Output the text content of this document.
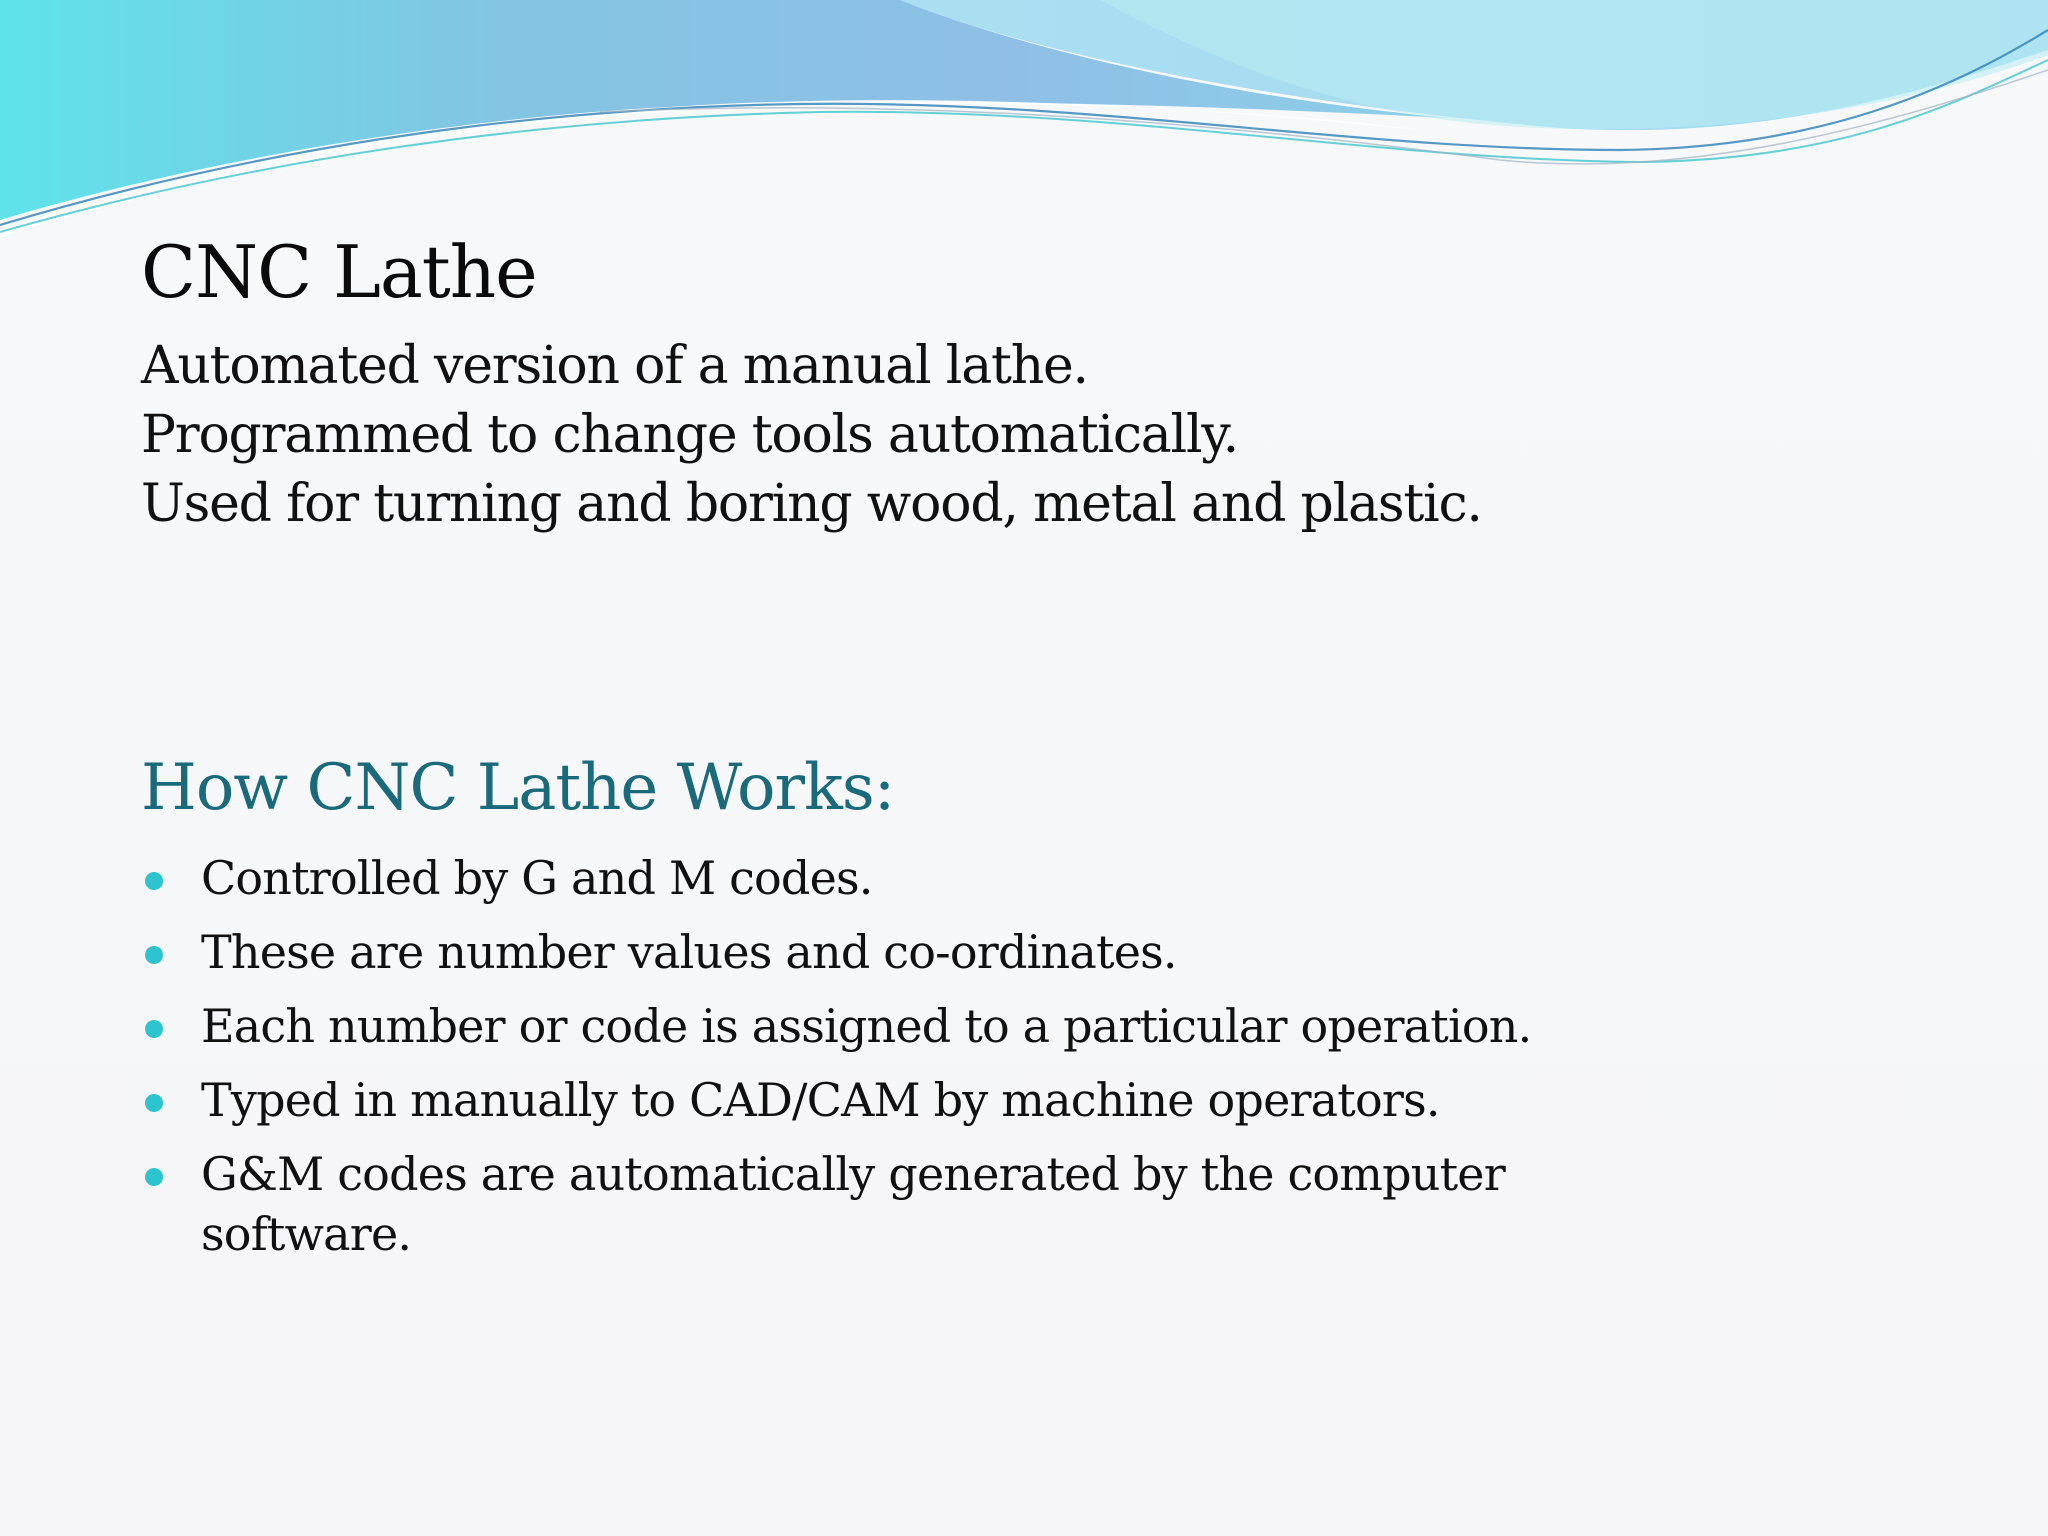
CNC Lathe
Automated version of a manual lathe.
Programmed to change tools automatically.
Used for turning and boring wood, metal and plastic.
How CNC Lathe Works:
Controlled by G and M codes.
These are number values and co-ordinates.
Each number or code is assigned to a particular operation.
Typed in manually to CAD/CAM by machine operators.
G&M codes are automatically generated by the computer software.
